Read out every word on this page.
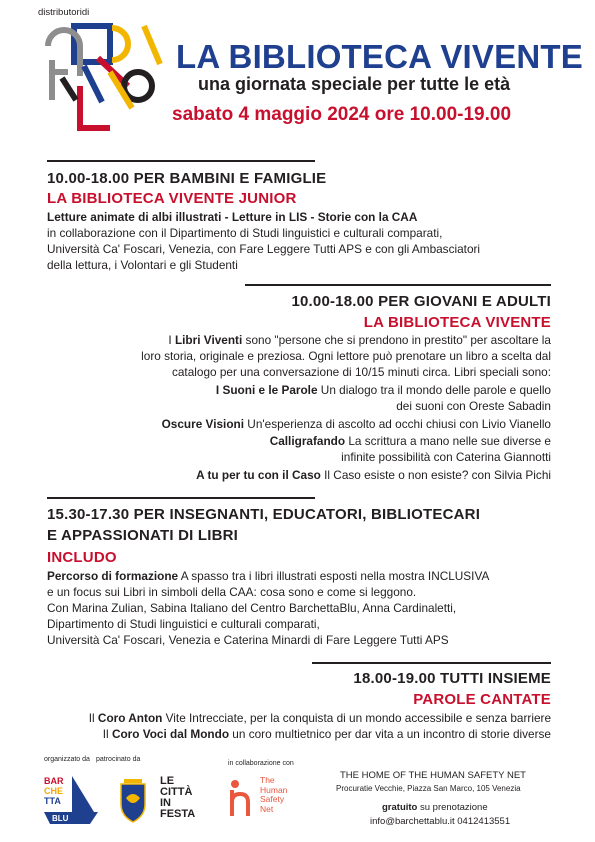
distributoridi
LA BIBLIOTECA VIVENTE
una giornata speciale per tutte le età
sabato 4 maggio 2024 ore 10.00-19.00
10.00-18.00 PER BAMBINI E FAMIGLIE
LA BIBLIOTECA VIVENTE JUNIOR
Letture animate di albi illustrati - Letture in LIS - Storie con la CAA
in collaborazione con il Dipartimento di Studi linguistici e culturali comparati,
Università Ca' Foscari, Venezia, con Fare Leggere Tutti APS e con gli Ambasciatori
della lettura, i Volontari e gli Studenti
10.00-18.00 PER GIOVANI E ADULTI
LA BIBLIOTECA VIVENTE
I Libri Viventi sono "persone che si prendono in prestito" per ascoltare la
loro storia, originale e preziosa. Ogni lettore può prenotare un libro a scelta dal
catalogo per una conversazione di 10/15 minuti circa. Libri speciali sono:
I Suoni e le Parole Un dialogo tra il mondo delle parole e quello
dei suoni con Oreste Sabadin
Oscure Visioni Un'esperienza di ascolto ad occhi chiusi con Livio Vianello
Calligrafando La scrittura a mano nelle sue diverse e
infinite possibilità con Caterina Giannotti
A tu per tu con il Caso Il Caso esiste o non esiste? con Silvia Pichi
15.30-17.30 PER INSEGNANTI, EDUCATORI, BIBLIOTECARI
E APPASSIONATI DI LIBRI
INCLUDO
Percorso di formazione A spasso tra i libri illustrati esposti nella mostra INCLUSIVA
e un focus sui Libri in simboli della CAA: cosa sono e come si leggono.
Con Marina Zulian, Sabina Italiano del Centro BarchettaBlu, Anna Cardinaletti,
Dipartimento di Studi linguistici e culturali comparati,
Università Ca' Foscari, Venezia e Caterina Minardi di Fare Leggere Tutti APS
18.00-19.00 TUTTI INSIEME
PAROLE CANTATE
Il Coro Anton Vite Intrecciate, per la conquista di un mondo accessibile e senza barriere
Il Coro Voci dal Mondo un coro multietnico per dar vita a un incontro di storie diverse
organizzato da patrocinato da
in collaborazione con
BAR
CHE
TTA
BLU
LE
CITTÀ
IN
FESTA
The
Human
Safety
Net
THE HOME OF THE HUMAN SAFETY NET
Procuratie Vecchie, Piazza San Marco, 105 Venezia
gratuito su prenotazione
info@barchettablu.it 0412413551
